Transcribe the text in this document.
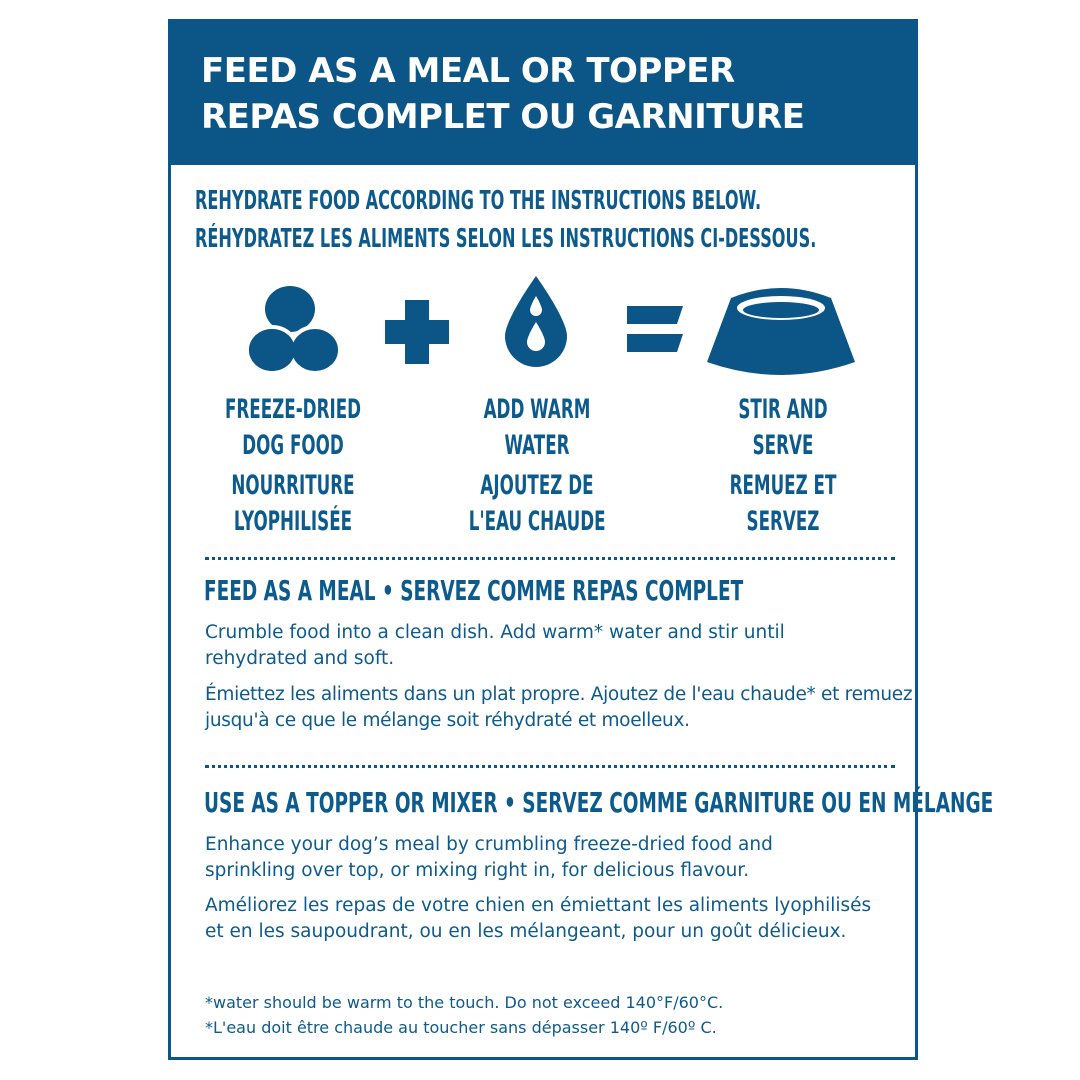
FEED AS A MEAL OR TOPPER
REPAS COMPLET OU GARNITURE
REHYDRATE FOOD ACCORDING TO THE INSTRUCTIONS BELOW.
RÉHYDRATEZ LES ALIMENTS SELON LES INSTRUCTIONS CI-DESSOUS.
FREEZE-DRIED
DOG FOOD
NOURRITURE
LYOPHILISÉE
ADD WARM
WATER
AJOUTEZ DE
L'EAU CHAUDE
STIR AND
SERVE
REMUEZ ET
SERVEZ
FEED AS A MEAL • SERVEZ COMME REPAS COMPLET
Crumble food into a clean dish. Add warm* water and stir until rehydrated and soft.
Émiettez les aliments dans un plat propre. Ajoutez de l'eau chaude* et remuez jusqu'à ce que le mélange soit réhydraté et moelleux.
USE AS A TOPPER OR MIXER • SERVEZ COMME GARNITURE OU EN MÉLANGE
Enhance your dog’s meal by crumbling freeze-dried food and sprinkling over top, or mixing right in, for delicious flavour.
Améliorez les repas de votre chien en émiettant les aliments lyophilisés et en les saupoudrant, ou en les mélangeant, pour un goût délicieux.
*water should be warm to the touch. Do not exceed 140°F/60°C.
*L'eau doit être chaude au toucher sans dépasser 140º F/60º C.
